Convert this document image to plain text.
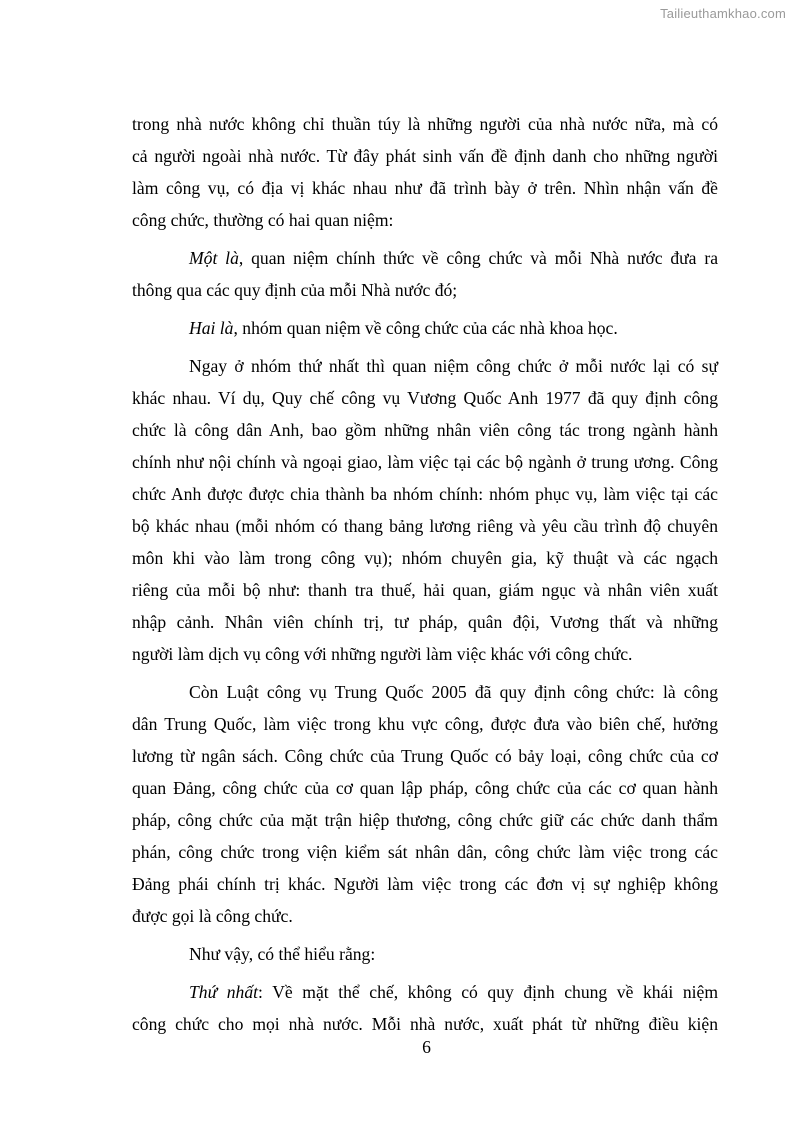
Tailieuthamkhao.com
trong nhà nước không chỉ thuần túy là những người của nhà nước nữa, mà có
cả người ngoài nhà nước. Từ đây phát sinh vấn đề định danh cho những người
làm công vụ, có địa vị khác nhau như đã trình bày ở trên. Nhìn nhận vấn đề
công chức, thường có hai quan niệm:
Một là, quan niệm chính thức về công chức và mỗi Nhà nước đưa ra
thông qua các quy định của mỗi Nhà nước đó;
Hai là, nhóm quan niệm về công chức của các nhà khoa học.
Ngay ở nhóm thứ nhất thì quan niệm công chức ở mỗi nước lại có sự
khác nhau. Ví dụ, Quy chế công vụ Vương Quốc Anh 1977 đã quy định công
chức là công dân Anh, bao gồm những nhân viên công tác trong ngành hành
chính như nội chính và ngoại giao, làm việc tại các bộ ngành ở trung ương. Công
chức Anh được được chia thành ba nhóm chính: nhóm phục vụ, làm việc tại các
bộ khác nhau (mỗi nhóm có thang bảng lương riêng và yêu cầu trình độ chuyên
môn khi vào làm trong công vụ); nhóm chuyên gia, kỹ thuật và các ngạch
riêng của mỗi bộ như: thanh tra thuế, hải quan, giám ngục và nhân viên xuất
nhập cảnh. Nhân viên chính trị, tư pháp, quân đội, Vương thất và những
người làm dịch vụ công với những người làm việc khác với công chức.
Còn Luật công vụ Trung Quốc 2005 đã quy định công chức: là công
dân Trung Quốc, làm việc trong khu vực công, được đưa vào biên chế, hưởng
lương từ ngân sách. Công chức của Trung Quốc có bảy loại, công chức của cơ
quan Đảng, công chức của cơ quan lập pháp, công chức của các cơ quan hành
pháp, công chức của mặt trận hiệp thương, công chức giữ các chức danh thẩm
phán, công chức trong viện kiểm sát nhân dân, công chức làm việc trong các
Đảng phái chính trị khác. Người làm việc trong các đơn vị sự nghiệp không
được gọi là công chức.
Như vậy, có thể hiểu rằng:
Thứ nhất: Về mặt thể chế, không có quy định chung về khái niệm
công chức cho mọi nhà nước. Mỗi nhà nước, xuất phát từ những điều kiện
6
